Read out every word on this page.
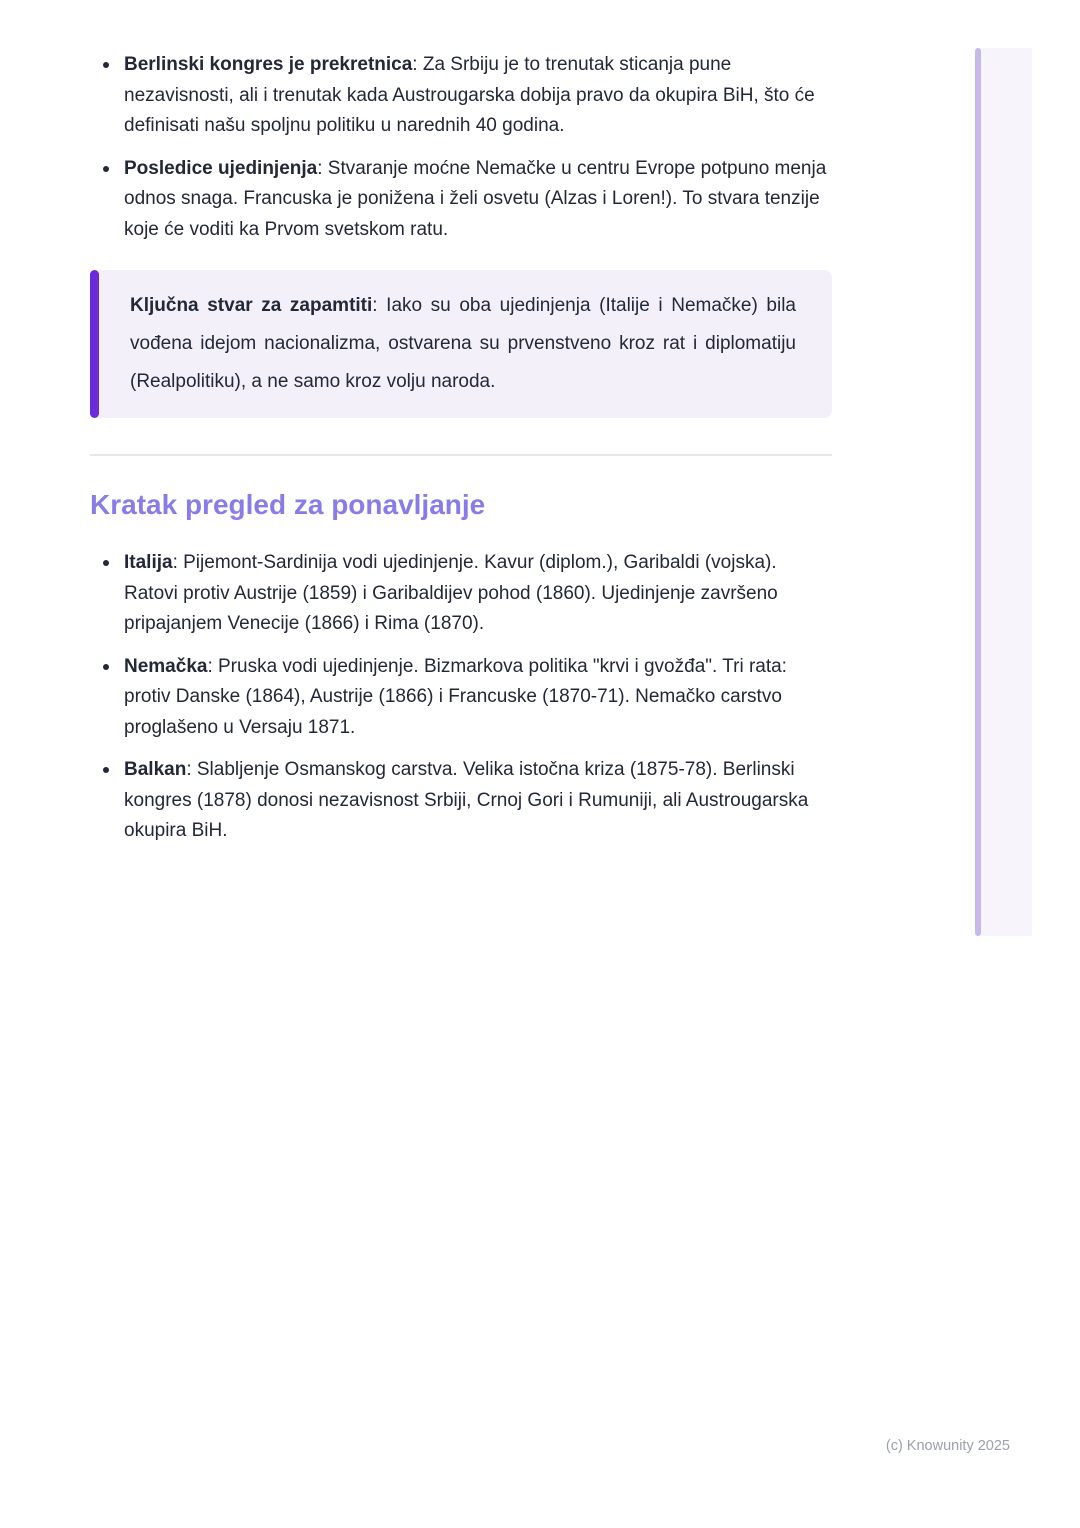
Berlinski kongres je prekretnica: Za Srbiju je to trenutak sticanja pune nezavisnosti, ali i trenutak kada Austrougarska dobija pravo da okupira BiH, što će definisati našu spoljnu politiku u narednih 40 godina.
Posledice ujedinjenja: Stvaranje moćne Nemačke u centru Evrope potpuno menja odnos snaga. Francuska je ponižena i želi osvetu (Alzas i Loren!). To stvara tenzije koje će voditi ka Prvom svetskom ratu.

Ključna stvar za zapamtiti: Iako su oba ujedinjenja (Italije i Nemačke) bila vođena idejom nacionalizma, ostvarena su prvenstveno kroz rat i diplomatiju (Realpolitiku), a ne samo kroz volju naroda.

Kratak pregled za ponavljanje
Italija: Pijemont-Sardinija vodi ujedinjenje. Kavur (diplom.), Garibaldi (vojska). Ratovi protiv Austrije (1859) i Garibaldijev pohod (1860). Ujedinjenje završeno pripajanjem Venecije (1866) i Rima (1870).
Nemačka: Pruska vodi ujedinjenje. Bizmarkova politika "krvi i gvožđa". Tri rata: protiv Danske (1864), Austrije (1866) i Francuske (1870-71). Nemačko carstvo proglašeno u Versaju 1871.
Balkan: Slabljenje Osmanskog carstva. Velika istočna kriza (1875-78). Berlinski kongres (1878) donosi nezavisnost Srbiji, Crnoj Gori i Rumuniji, ali Austrougarska okupira BiH.
(c) Knowunity 2025
